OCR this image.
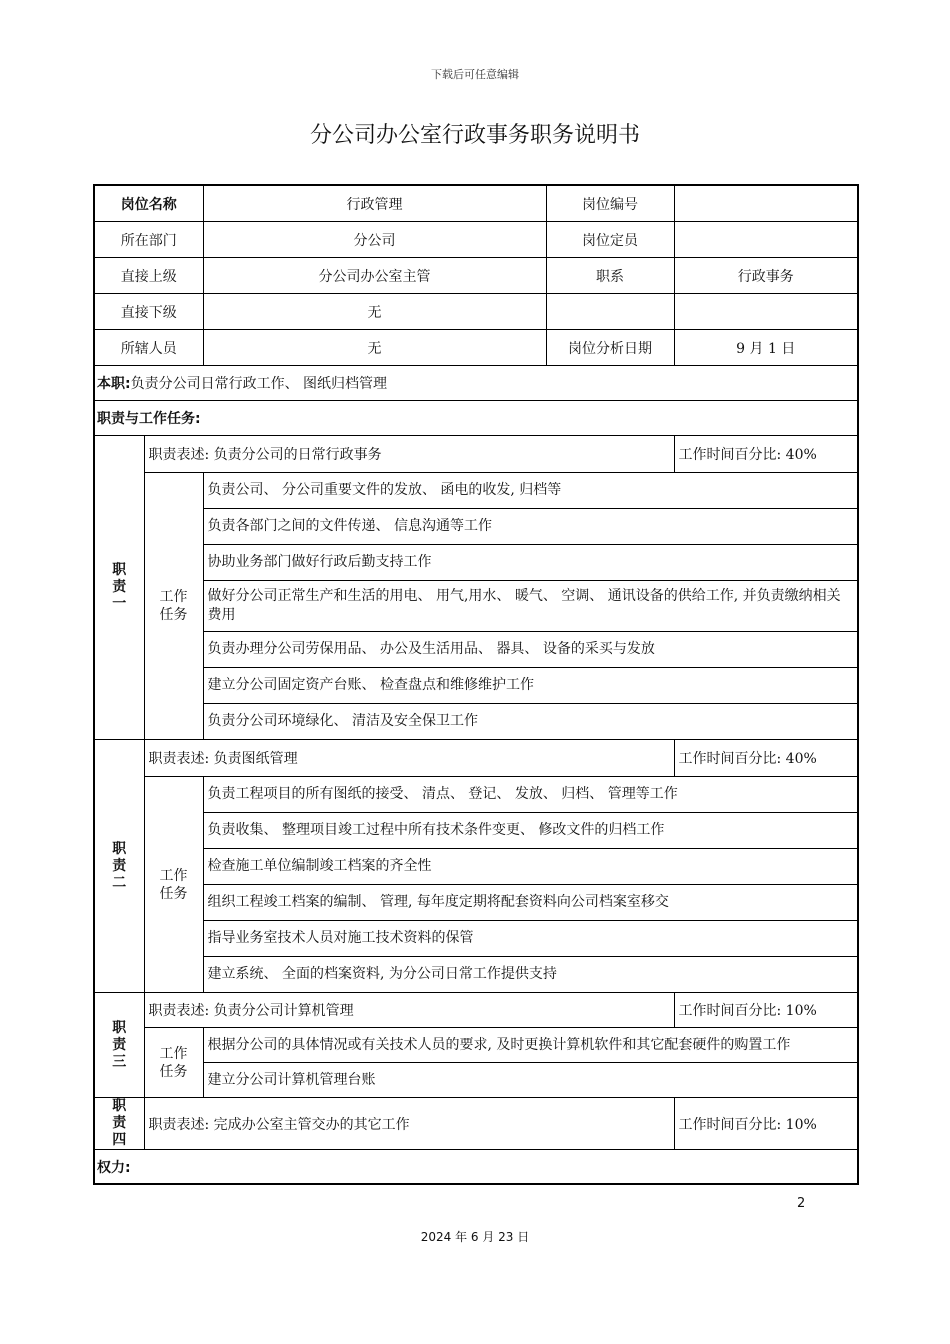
下载后可任意编辑
分公司办公室行政事务职务说明书
岗位名称		行政管理	岗位编号	
所在部门		分公司	岗位定员	
直接上级		分公司办公室主管	职系	行政事务
直接下级		无		
所辖人员		无	岗位分析日期	9 月 1 日
本职:负责分公司日常行政工作、 图纸归档管理				
职责与工作任务:				

职
责
一	职责表述: 负责分公司的日常行政事务			工作时间百分比: 40%

	工作
任务	负责公司、 分公司重要文件的发放、 函电的收发, 归档等		
		负责各部门之间的文件传递、 信息沟通等工作		
		协助业务部门做好行政后勤支持工作		
		做好分公司正常生产和生活的用电、 用气,用水、 暖气、 空调、 通讯设备的供给工作, 并负责缴纳相关费用		
		负责办理分公司劳保用品、 办公及生活用品、 器具、 设备的采买与发放		
		建立分公司固定资产台账、 检查盘点和维修维护工作		
		负责分公司环境绿化、 清洁及安全保卫工作		

职
责
二	职责表述: 负责图纸管理			工作时间百分比: 40%

	工作
任务	负责工程项目的所有图纸的接受、 清点、 登记、 发放、 归档、 管理等工作		
		负责收集、 整理项目竣工过程中所有技术条件变更、 修改文件的归档工作		
		检查施工单位编制竣工档案的齐全性		
		组织工程竣工档案的编制、 管理, 每年度定期将配套资料向公司档案室移交		
		指导业务室技术人员对施工技术资料的保管		
		建立系统、 全面的档案资料, 为分公司日常工作提供支持		

职
责
三	职责表述: 负责分公司计算机管理			工作时间百分比: 10%

	工作
任务	根据分公司的具体情况或有关技术人员的要求, 及时更换计算机软件和其它配套硬件的购置工作		
		建立分公司计算机管理台账		

职
责
四	职责表述: 完成办公室主管交办的其它工作			工作时间百分比: 10%
权力:				
2
2024 年 6 月 23 日
